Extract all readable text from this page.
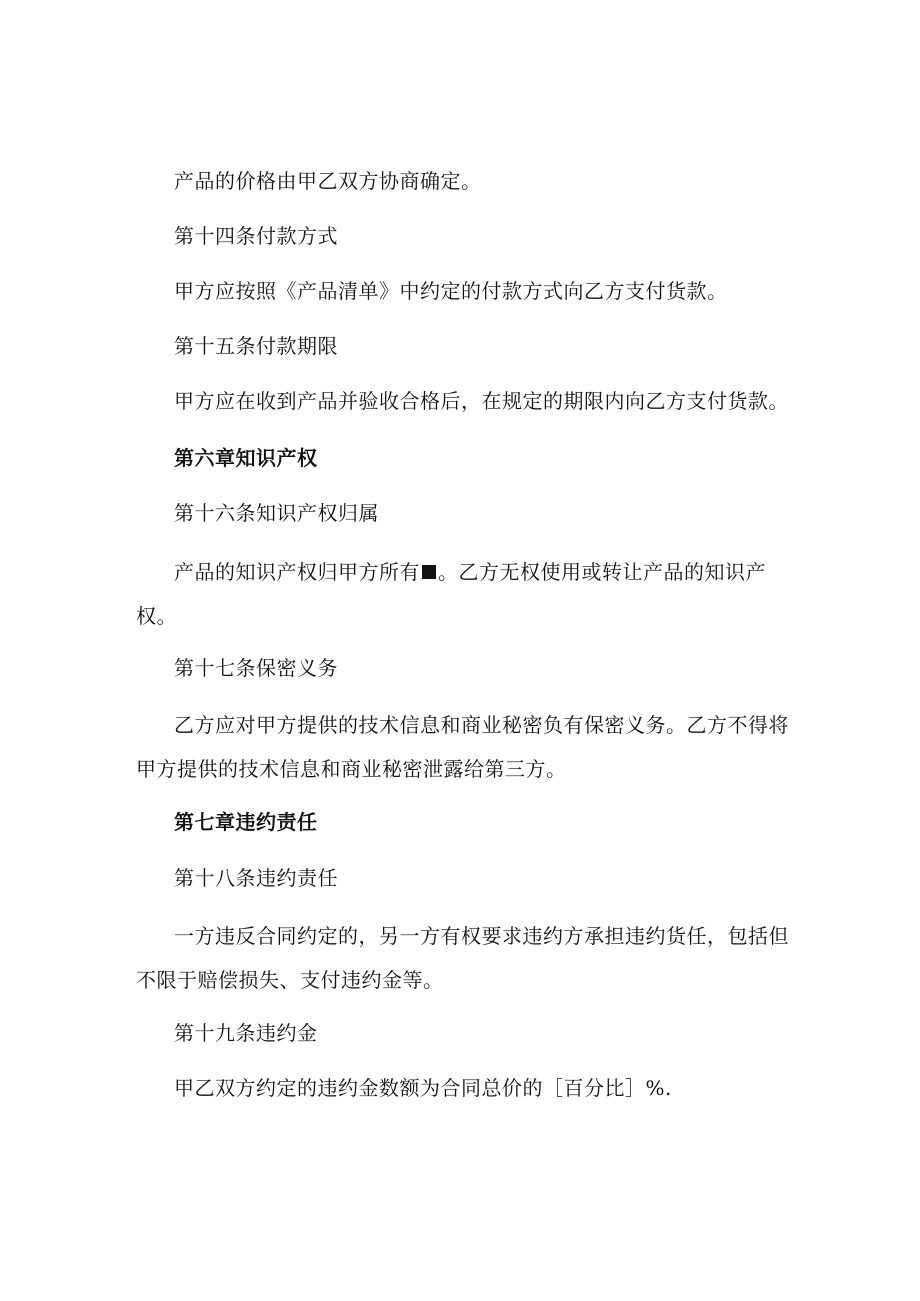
产品的价格由甲乙双方协商确定。
第十四条付款方式
甲方应按照《产品清单》中约定的付款方式向乙方支付货款。
第十五条付款期限
甲方应在收到产品并验收合格后，在规定的期限内向乙方支付货款。
第六章知识产权
第十六条知识产权归属
产品的知识产权归甲方所有 。乙方无权使用或转让产品的知识产权。
第十七条保密义务
乙方应对甲方提供的技术信息和商业秘密负有保密义务。乙方不得将甲方提供的技术信息和商业秘密泄露给第三方。
第七章违约责任
第十八条违约责任
一方违反合同约定的，另一方有权要求违约方承担违约货任，包括但不限于赔偿损失、支付违约金等。
第十九条违约金
甲乙双方约定的违约金数额为合同总价的［百分比］%.
